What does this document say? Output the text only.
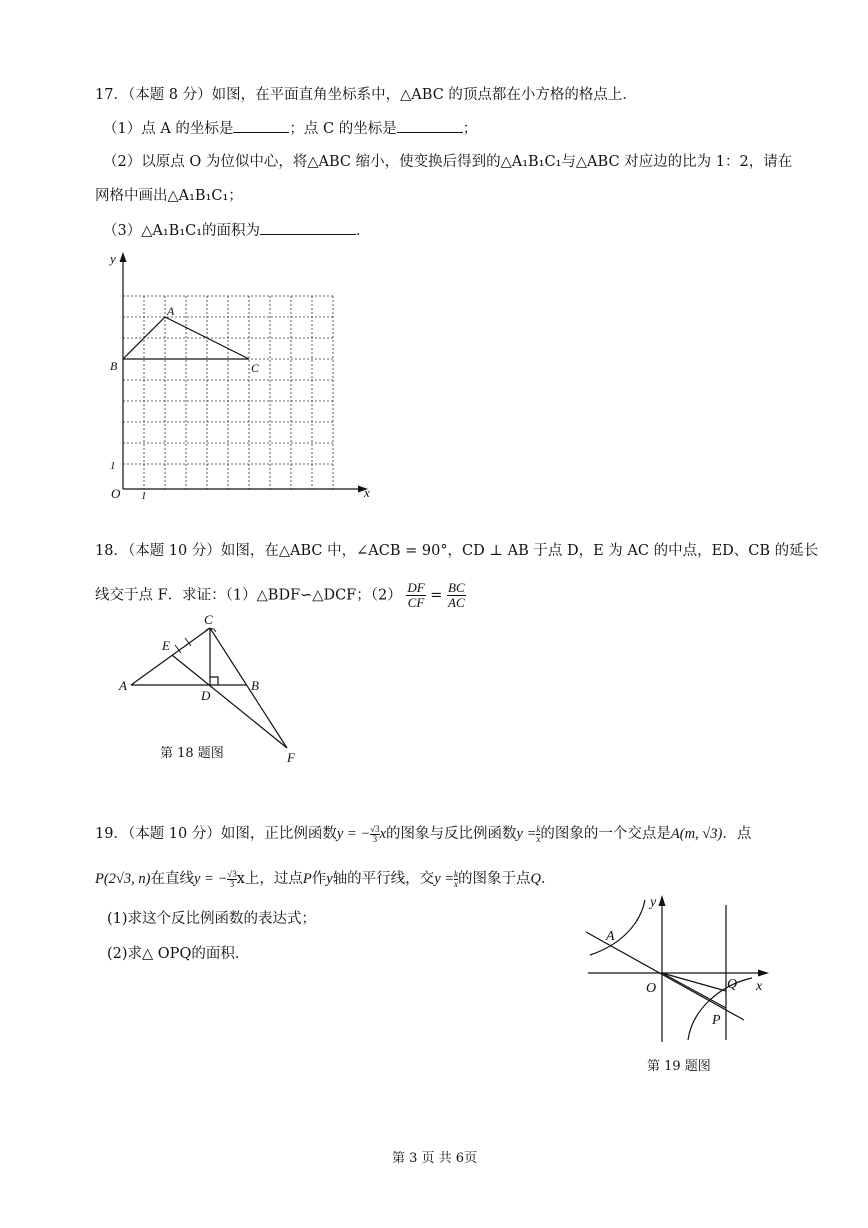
17．（本题 8 分）如图，在平面直角坐标系中，△ABC 的顶点都在小方格的格点上．
（1）点 A 的坐标是	；点 C 的坐标是	；
（2）以原点 O 为位似中心，将△ABC 缩小，使变换后得到的△A₁B₁C₁与△ABC 对应边的比为 1：2，请在
网格中画出△A₁B₁C₁；
（3）△A₁B₁C₁的面积为	．
y
x
O 1
1
A
B	C
18．（本题 10 分）如图，在△ABC 中，∠ACB = 90°，CD ⊥ AB 于点 D，E 为 AC 的中点，ED、CB 的延长
线交于点 F．求证：（1）△BDF∽△DCF；$(2) \frac{DF}{CF} = \frac{BC}{AC}$
C
E
A
D
B
F
第 18 题图
19．（本题 10 分）如图，正比例函数y = − $\frac{√3}{3}$ x的图象与反比例函数$y = \frac{k}{x}$ 的图象的一个交点是A(m, √3)．点
P(2√3, n)在直线y = − $\frac{√3}{3}$ x上，过点P作y轴的平行线，交$y = \frac{k}{x}$ 的图象于点Q．
(1)求这个反比例函数的表达式；
(2)求△ OPQ的面积．
y
x
O
A
Q
P
第 19 题图
第 3 页 共 6页
